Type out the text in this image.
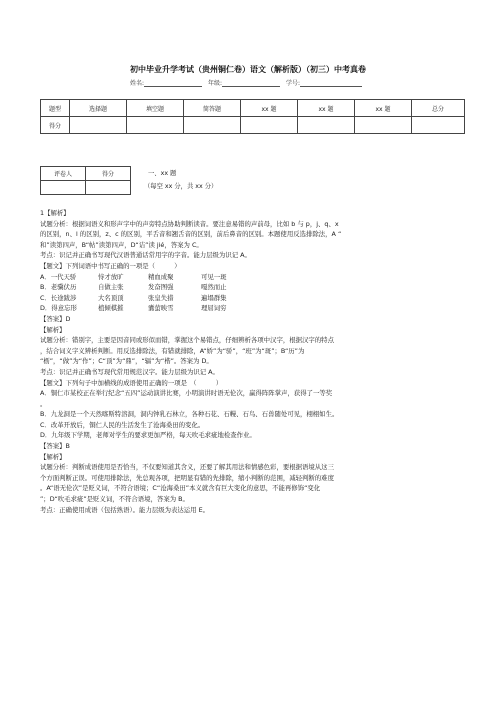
初中毕业升学考试（贵州铜仁卷）语文（解析版）（初三）中考真卷
姓名:	年级:	学号:
题型	选择题	填空题	简答题	xx 题	xx 题	xx 题	总分
得分							
评卷人	得分
		一、xx 题
（每空 xx 分，共 xx 分）

1【解析】

试题分析：根据词语义和形声字中的声旁特点协助判断读音。要注意易错的声前母，比如 b 与 p，j、q、x

的区别，n、l 的区别，z、c 的区别，平舌音和翘舌音的区别，前后鼻音的区别。本题使用反选排除法，A “

和”读第四声，B“帖”读第四声，D“诘”读 jié，答案为 C。

考点：识记并正确书写现代汉语普通话常用字的字音。能力层级为识记 A。

【题文】下列词语中书写正确的一项是（　　　）

A．一代天骄	恃才放旷	精血成聚	可见一斑

B．老骥伏历	自做主张	发奋图强	嘎然而止

C．长途跋涉	大名顶顶	张皇失措	遍塌群集

D．得意忘形	植倾棋摧	囊萤映雪	理屈词穷

【答案】D

【解析】

试题分析：错别字，主要是因音同或形似而错，掌握这个易错点，仔细辨析各项中汉字，根据汉字的特点

，结合词义字义辨析判断。用反选排除法，有错就排除，A“娇”为“骄”，“班”为“斑”；B“历”为

“枥”，“做”为“作”；C“顶”为“鼎”，“辐”为“楷”。答案为 D。

考点：识记并正确书写现代常用规范汉字。能力层级为识记 A。

【题文】下列句子中加横线的成语使用正确的一项是　（　　　）

A．铜仁市某校正在举行纪念“五四”运动演讲比赛，小明演讲时语无伦次，赢得阵阵掌声，获得了一等奖

。

B．九龙洞是一个天然喀斯特溶洞，洞内钟乳石林立，各种石花、石幔、石鸟、石兽随处可见，栩栩如生。

C．改革开放后，铜仁人民的生活发生了沧海桑田的变化。

D．九年级下学期，老师对学生的要求更加严格，每天吹毛求疵地检查作业。

【答案】B

【解析】

试题分析：判断成语使用是否恰当，不仅要知道其含义，还要了解其用法和情感色彩，要根据语境从这三

个方面判断正误。可使用排除法，先总观各项，把明显有错的先排除，缩小判断的范围，减轻判断的难度

。A“语无伦次”是贬义词，不符合语境；C“沧海桑田”本义就含有巨大变化的意思，不能再修饰“变化

”；D“吹毛求疵”是贬义词，不符合语境，答案为 B。

考点：正确使用成语（包括熟语）。能力层级为表达运用 E。
